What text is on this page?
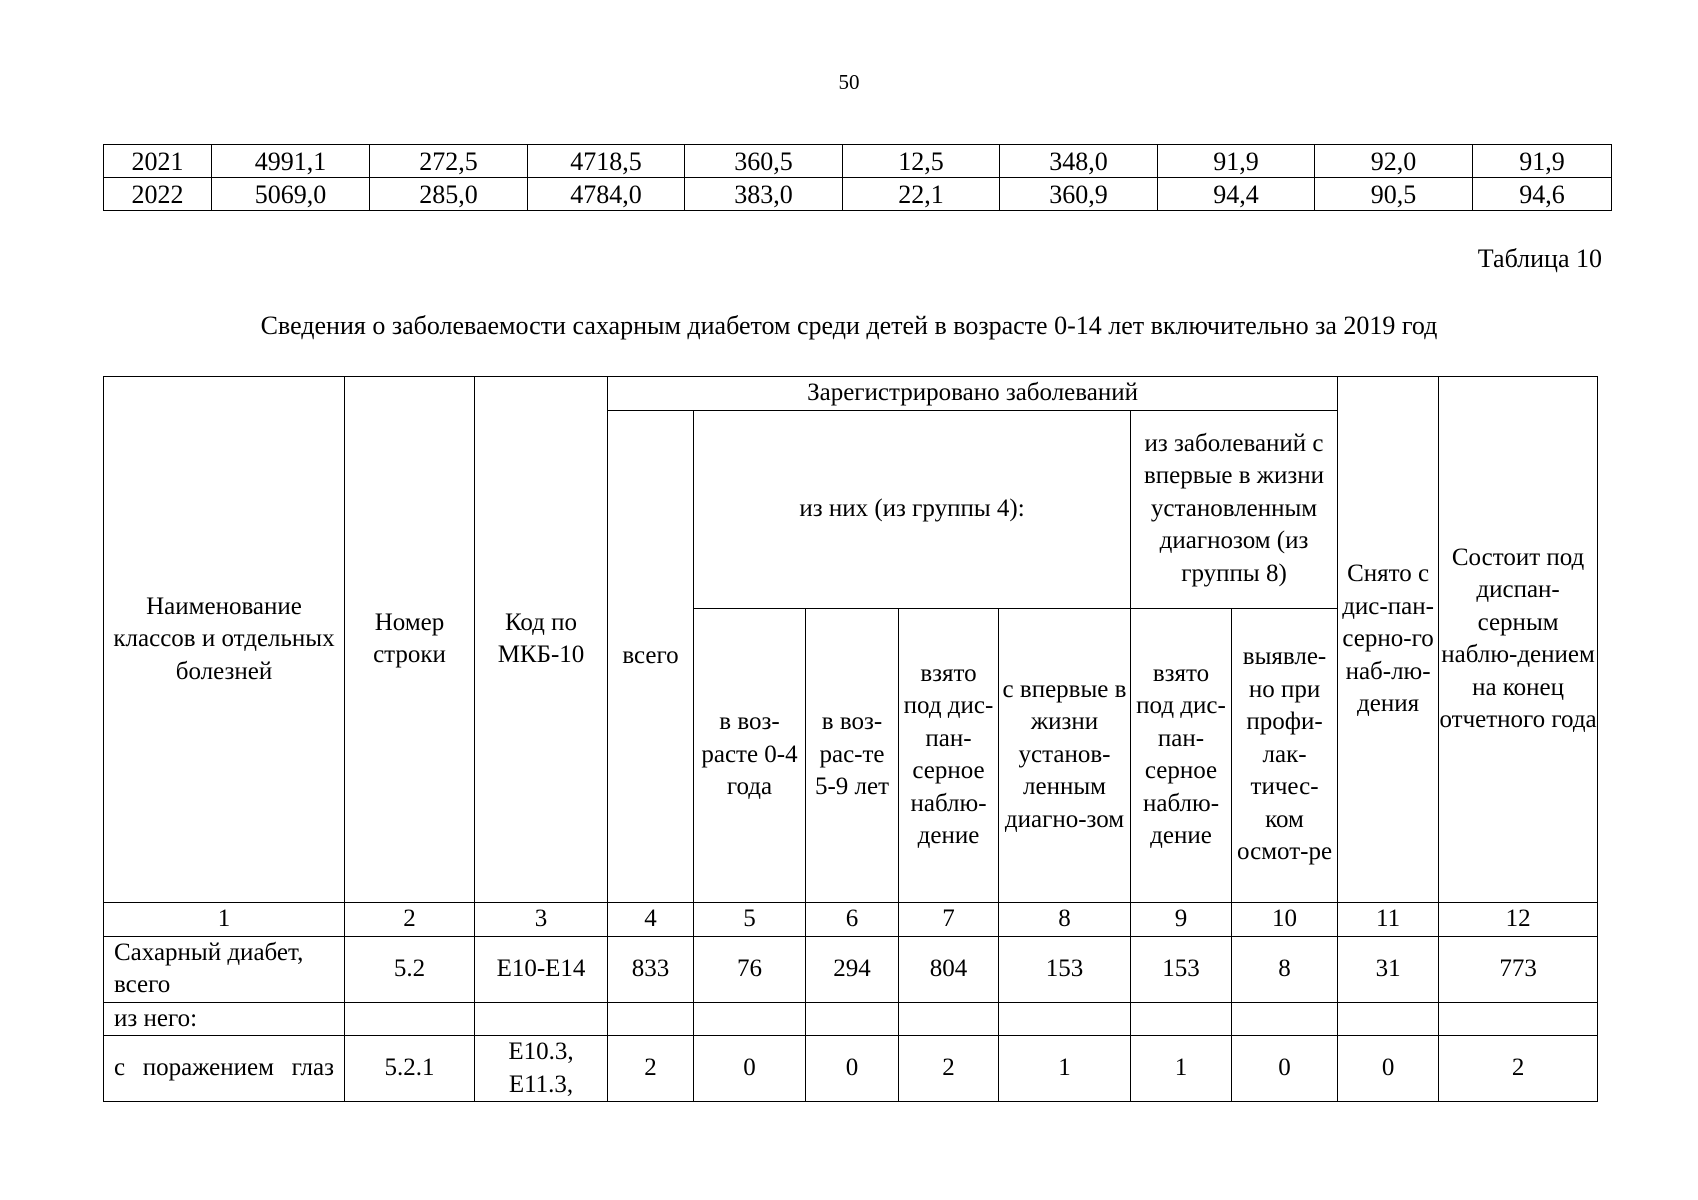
50
2021	4991,1	272,5	4718,5	360,5	12,5	348,0	91,9	92,0	91,9
2022	5069,0	285,0	4784,0	383,0	22,1	360,9	94,4	90,5	94,6
Таблица 10
Сведения о заболеваемости сахарным диабетом среди детей в возрасте 0-14 лет включительно за 2019 год
Наименование классов и отдельных болезней	Номер строки	Код по МКБ-10	Зарегистрировано заболеваний							Снято с дис-пан-серно-го наб-лю-дения	Состоит под диспан-серным наблю-дением на конец отчетного года

			всего	из них (из группы 4):				из заболеваний с впервые в жизни установленным диагнозом (из группы 8)			

				в воз-расте 0-4 года	в воз-рас-те 5-9 лет	взято под дис-пан-серное наблю-дение	с впервые в жизни установ-ленным диагно-зом	взято под дис-пан-серное наблю-дение	выявле-но при профи-лак-тичес-ком осмот-ре		

1	2	3	4	5	6	7	8	9	10	11	12
Сахарный диабет, всего	5.2	E10-E14	833	76	294	804	153	153	8	31	773
из него:											
с поражением глаз	5.2.1	E10.3, E11.3,	2	0	0	2	1	1	0	0	2
